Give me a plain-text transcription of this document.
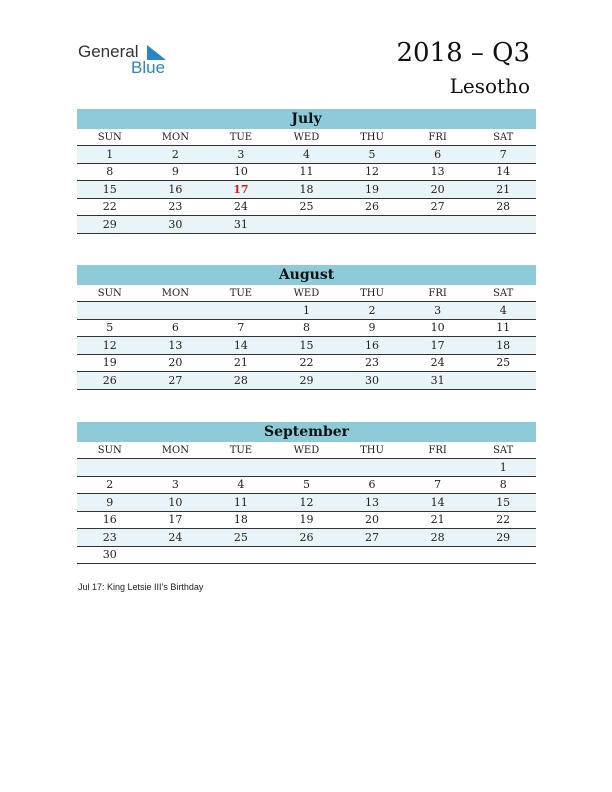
General
Blue	2018 – Q3
Lesotho
July
SUN	MON	TUE	WED	THU	FRI	SAT
1	2	3	4	5	6	7
8	9	10	11	12	13	14
15	16	17	18	19	20	21
22	23	24	25	26	27	28
29	30	31				
August
SUN	MON	TUE	WED	THU	FRI	SAT
			1	2	3	4
5	6	7	8	9	10	11
12	13	14	15	16	17	18
19	20	21	22	23	24	25
26	27	28	29	30	31	
September
SUN	MON	TUE	WED	THU	FRI	SAT
						1
2	3	4	5	6	7	8
9	10	11	12	13	14	15
16	17	18	19	20	21	22
23	24	25	26	27	28	29
30						
Jul 17: King Letsie III’s Birthday
